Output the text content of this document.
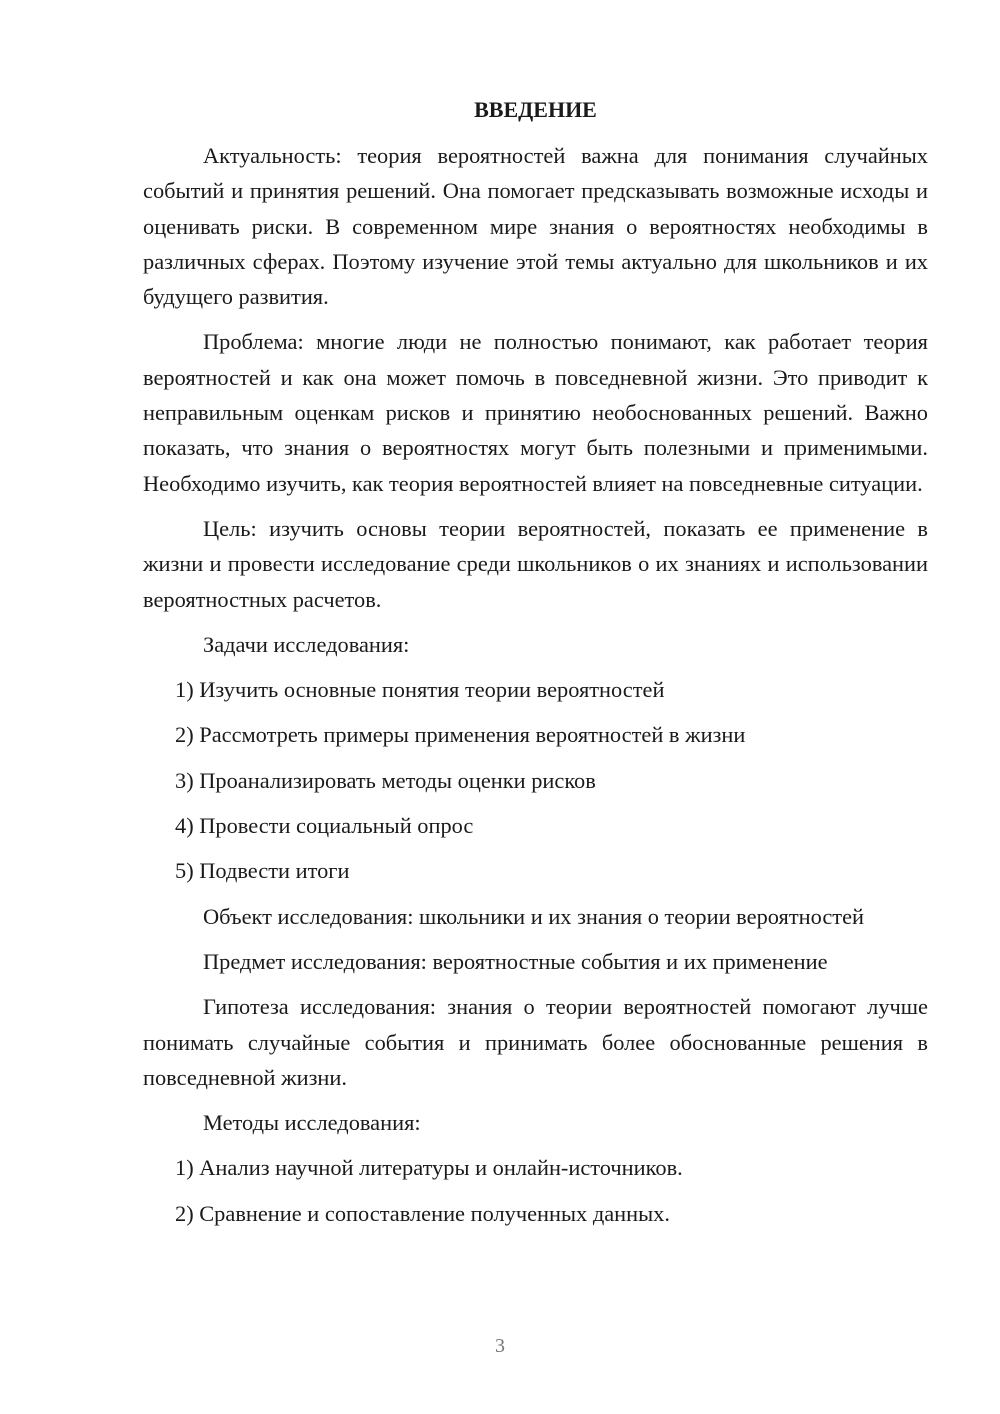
ВВЕДЕНИЕ

Актуальность: теория вероятностей важна для понимания случайных событий и принятия решений. Она помогает предсказывать возможные исходы и оценивать риски. В современном мире знания о вероятностях необходимы в различных сферах. Поэтому изучение этой темы актуально для школьников и их будущего развития.

Проблема: многие люди не полностью понимают, как работает теория вероятностей и как она может помочь в повседневной жизни. Это приводит к неправильным оценкам рисков и принятию необоснованных решений. Важно показать, что знания о вероятностях могут быть полезными и применимыми. Необходимо изучить, как теория вероятностей влияет на повседневные ситуации.

Цель: изучить основы теории вероятностей, показать ее применение в жизни и провести исследование среди школьников о их знаниях и использовании вероятностных расчетов.

Задачи исследования:

1) Изучить основные понятия теории вероятностей
2) Рассмотреть примеры применения вероятностей в жизни
3) Проанализировать методы оценки рисков
4) Провести социальный опрос
5) Подвести итоги

Объект исследования: школьники и их знания о теории вероятностей

Предмет исследования: вероятностные события и их применение

Гипотеза исследования: знания о теории вероятностей помогают лучше понимать случайные события и принимать более обоснованные решения в повседневной жизни.

Методы исследования:

1) Анализ научной литературы и онлайн-источников.
2) Сравнение и сопоставление полученных данных.
3
